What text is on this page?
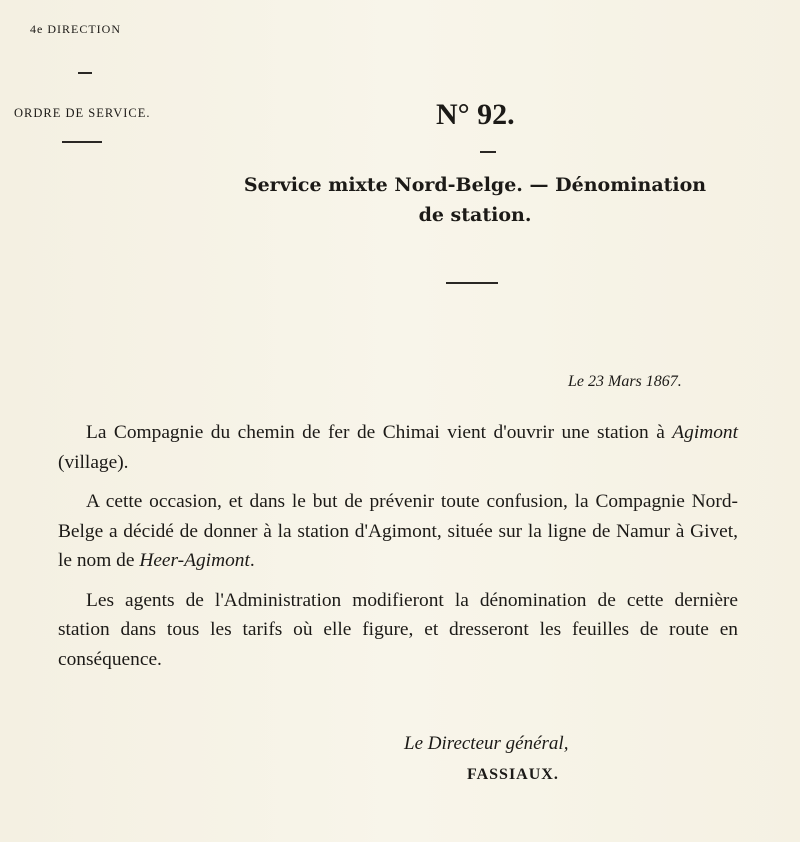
4e DIRECTION
ORDRE DE SERVICE.	N° 92.
Service mixte Nord-Belge. — Dénomination
de station.
Le 23 Mars 1867.

La Compagnie du chemin de fer de Chimai vient d'ouvrir une station à Agimont (village).

A cette occasion, et dans le but de prévenir toute confusion, la Compagnie Nord-Belge a décidé de donner à la station d'Agimont, située sur la ligne de Namur à Givet, le nom de Heer-Agimont.

Les agents de l'Administration modifieront la dénomination de cette dernière station dans tous les tarifs où elle figure, et dresseront les feuilles de route en conséquence.

Le Directeur général,
FASSIAUX.
